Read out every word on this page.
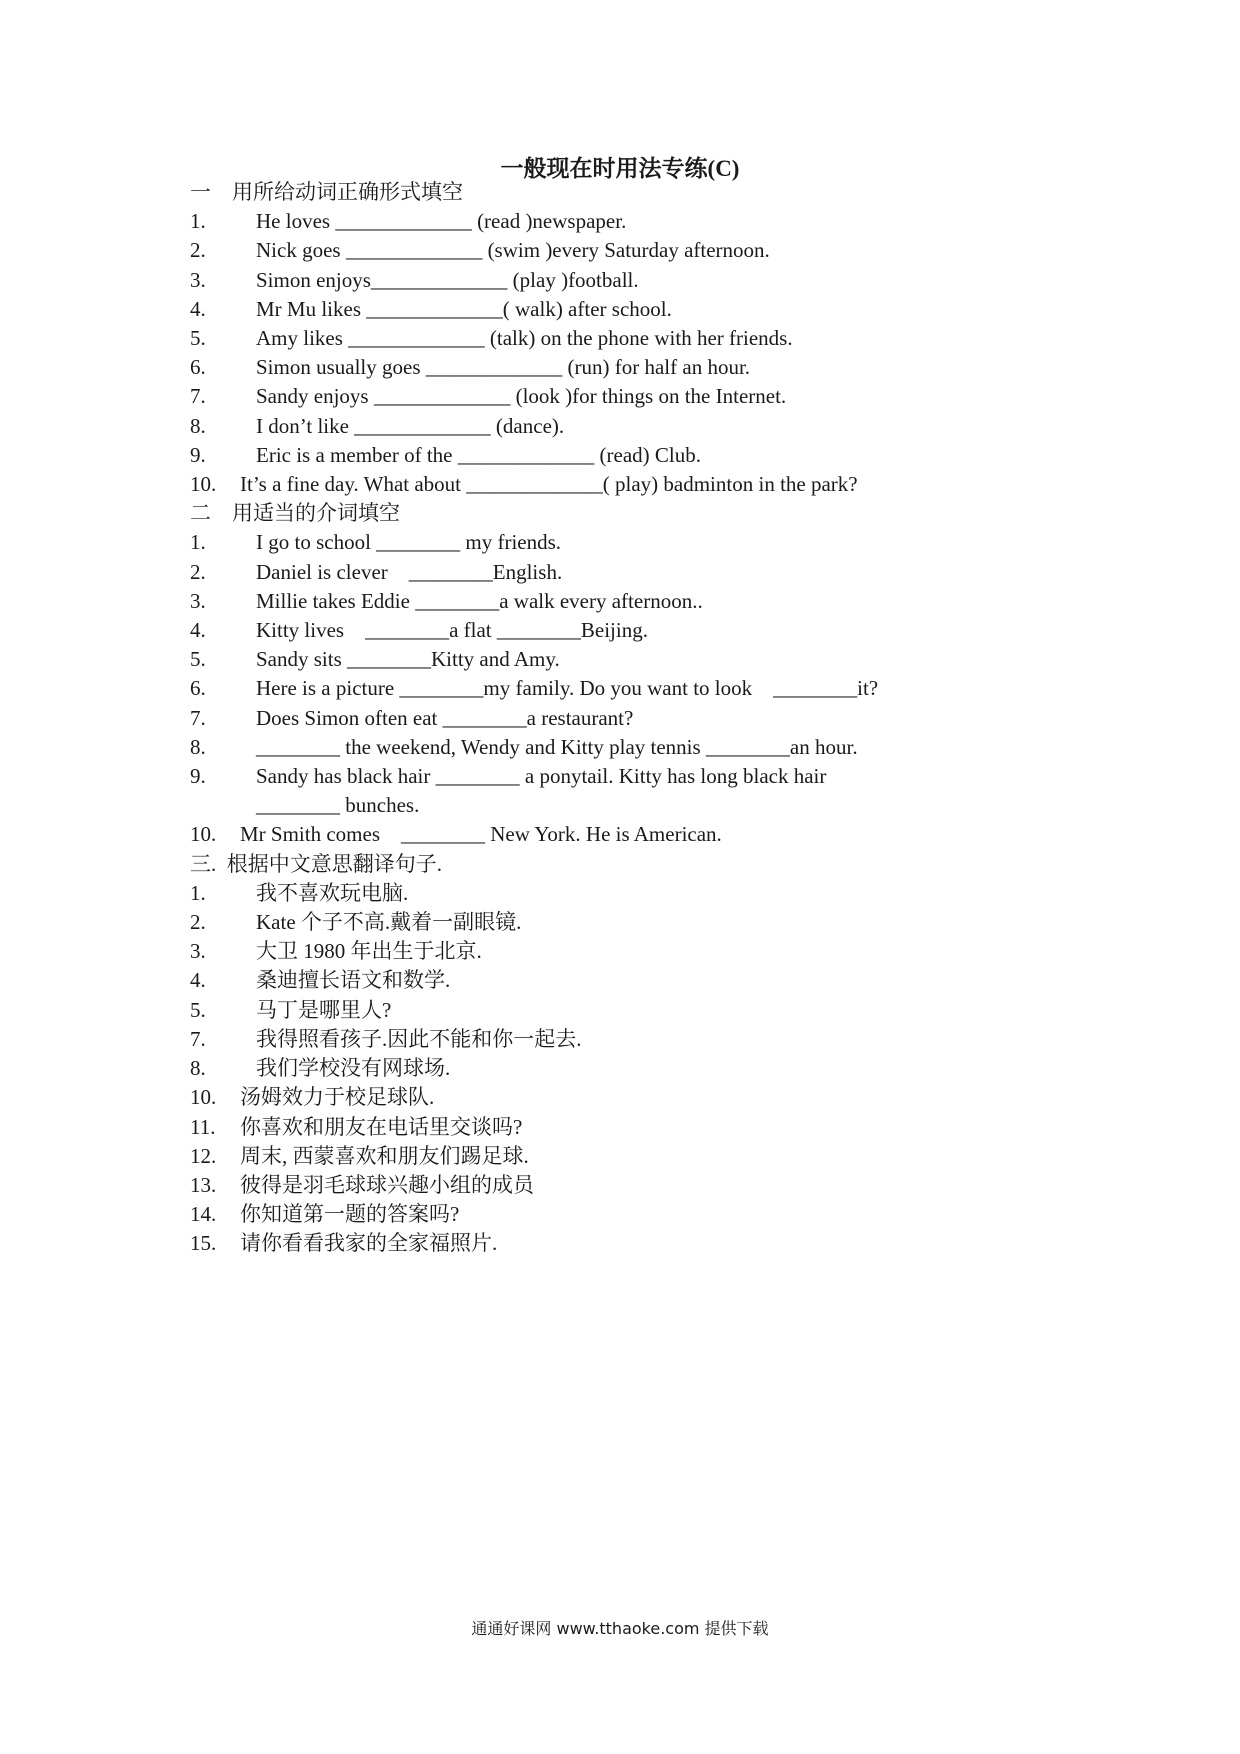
一般现在时用法专练(C)
一    用所给动词正确形式填空
1. He loves _____________ (read )newspaper.
2. Nick goes _____________ (swim )every Saturday afternoon.
3. Simon enjoys_____________ (play )football.
4. Mr Mu likes _____________( walk) after school.
5. Amy likes _____________ (talk) on the phone with her friends.
6. Simon usually goes _____________ (run) for half an hour.
7. Sandy enjoys _____________ (look )for things on the Internet.
8. I don’t like _____________ (dance).
9. Eric is a member of the _____________ (read) Club.
10. It’s a fine day. What about _____________( play) badminton in the park?
二    用适当的介词填空
1. I go to school ________ my friends.
2. Daniel is clever    ________English.
3. Millie takes Eddie ________a walk every afternoon..
4. Kitty lives    ________a flat ________Beijing.
5. Sandy sits ________Kitty and Amy.
6. Here is a picture ________my family. Do you want to look    ________it?
7. Does Simon often eat ________a restaurant?
8. ________ the weekend, Wendy and Kitty play tennis ________an hour.
9. Sandy has black hair ________ a ponytail. Kitty has long black hair
________ bunches.
10. Mr Smith comes    ________ New York. He is American.
三.  根据中文意思翻译句子.
1. 我不喜欢玩电脑.
2. Kate 个子不高.戴着一副眼镜.
3. 大卫 1980 年出生于北京.
4. 桑迪擅长语文和数学.
5. 马丁是哪里人?
7. 我得照看孩子.因此不能和你一起去.
8. 我们学校没有网球场.
10. 汤姆效力于校足球队.
11. 你喜欢和朋友在电话里交谈吗?
12. 周末, 西蒙喜欢和朋友们踢足球.
13. 彼得是羽毛球球兴趣小组的成员
14. 你知道第一题的答案吗?
15. 请你看看我家的全家福照片.
通通好课网 www.tthaoke.com 提供下载
